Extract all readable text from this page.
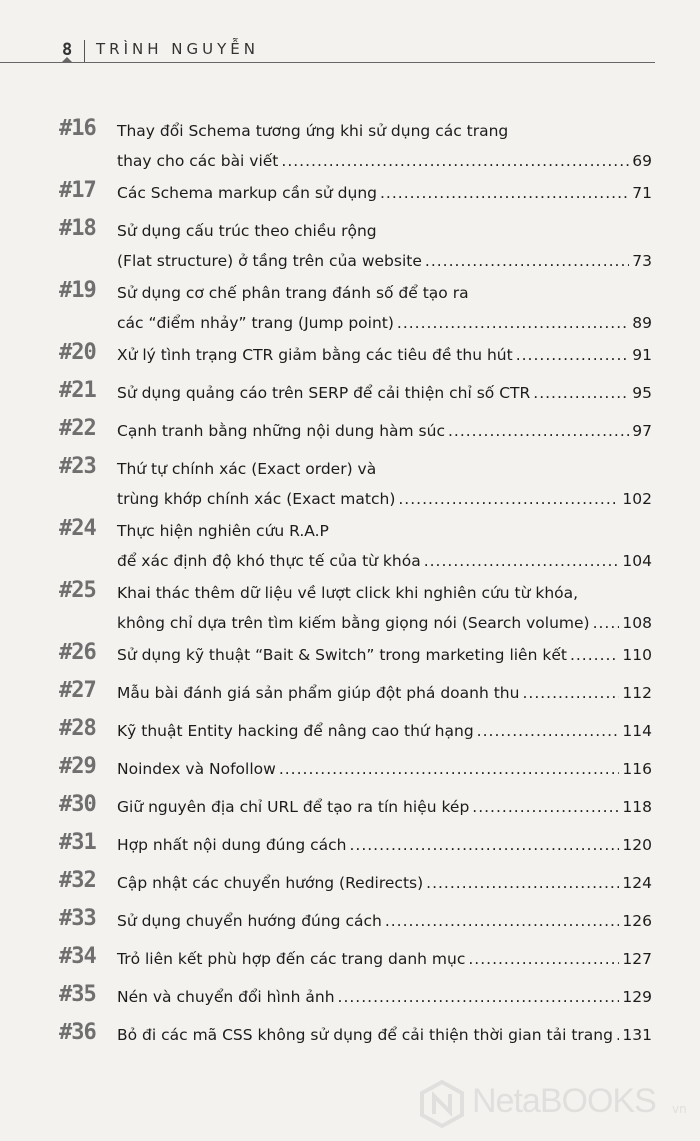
8 TRÌNH NGUYỄN
#16 Thay đổi Schema tương ứng khi sử dụng các trang
thay cho các bài viết .....	69
#17 Các Schema markup cần sử dụng .....	71
#18 Sử dụng cấu trúc theo chiều rộng
(Flat structure) ở tầng trên của website .....	73
#19 Sử dụng cơ chế phân trang đánh số để tạo ra
các “điểm nhảy” trang (Jump point) .....	89
#20 Xử lý tình trạng CTR giảm bằng các tiêu đề thu hút .....	91
#21 Sử dụng quảng cáo trên SERP để cải thiện chỉ số CTR .....	95
#22 Cạnh tranh bằng những nội dung hàm súc .....	97
#23 Thứ tự chính xác (Exact order) và
trùng khớp chính xác (Exact match) .....	102
#24 Thực hiện nghiên cứu R.A.P
để xác định độ khó thực tế của từ khóa .....	104
#25 Khai thác thêm dữ liệu về lượt click khi nghiên cứu từ khóa,
không chỉ dựa trên tìm kiếm bằng giọng nói (Search volume) ..... 108
#26 Sử dụng kỹ thuật “Bait & Switch” trong marketing liên kết .....	110
#27 Mẫu bài đánh giá sản phẩm giúp đột phá doanh thu .....	112
#28 Kỹ thuật Entity hacking để nâng cao thứ hạng .....	114
#29 Noindex và Nofollow .....	116
#30 Giữ nguyên địa chỉ URL để tạo ra tín hiệu kép .....	118
#31 Hợp nhất nội dung đúng cách .....	120
#32 Cập nhật các chuyển hướng (Redirects) .....	124
#33 Sử dụng chuyển hướng đúng cách .....	126
#34 Trỏ liên kết phù hợp đến các trang danh mục .....	127
#35 Nén và chuyển đổi hình ảnh .....	129
#36 Bỏ đi các mã CSS không sử dụng để cải thiện thời gian tải trang ..... 131
NetaBOOKS vn
